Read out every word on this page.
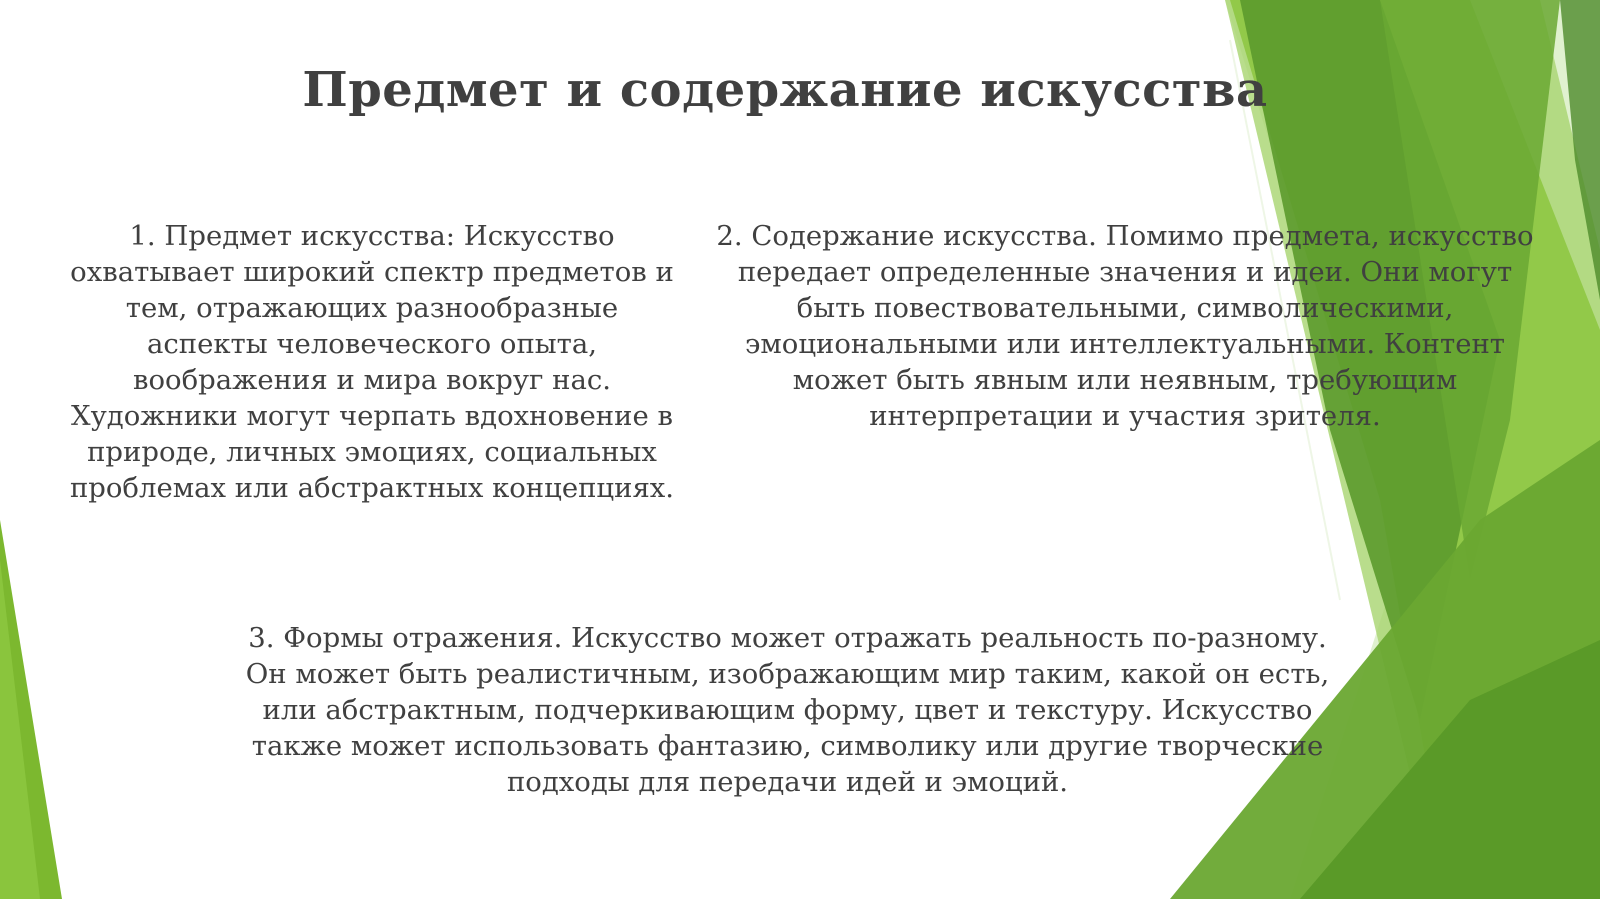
Предмет и содержание искусства

1. Предмет искусства: Искусство охватывает широкий спектр предметов и тем, отражающих разнообразные аспекты человеческого опыта, воображения и мира вокруг нас. Художники могут черпать вдохновение в природе, личных эмоциях, социальных проблемах или абстрактных концепциях.

2. Содержание искусства. Помимо предмета, искусство передает определенные значения и идеи. Они могут быть повествовательными, символическими, эмоциональными или интеллектуальными. Контент может быть явным или неявным, требующим интерпретации и участия зрителя.

3. Формы отражения. Искусство может отражать реальность по-разному. Он может быть реалистичным, изображающим мир таким, какой он есть, или абстрактным, подчеркивающим форму, цвет и текстуру. Искусство также может использовать фантазию, символику или другие творческие подходы для передачи идей и эмоций.
